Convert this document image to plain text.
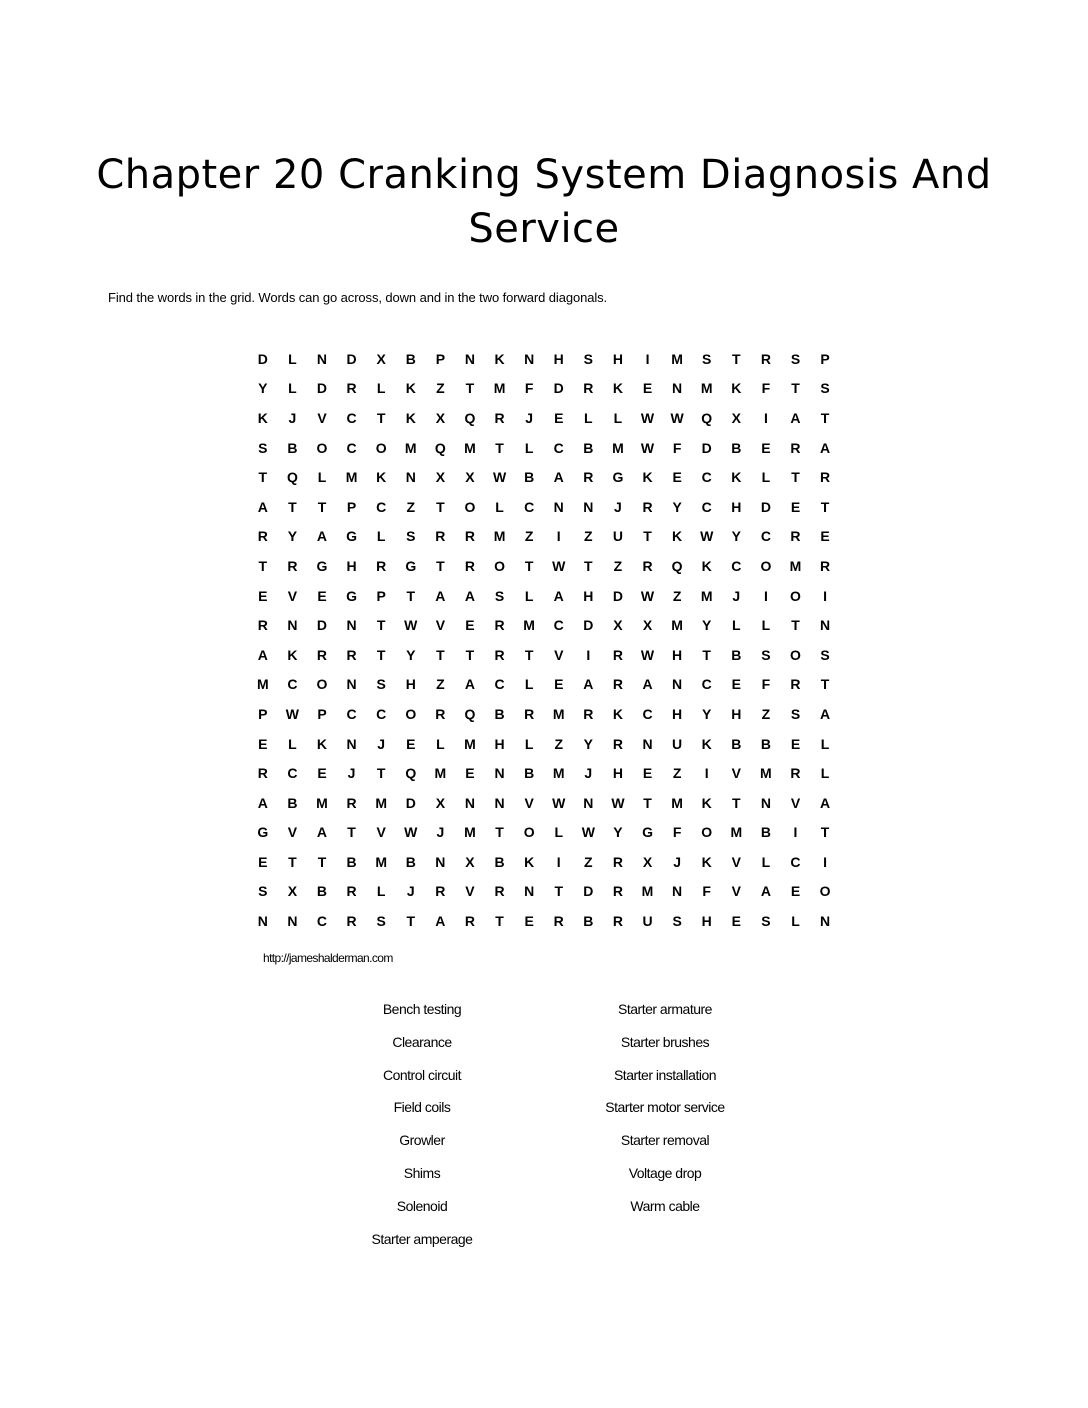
Chapter 20 Cranking System Diagnosis And Service
Find the words in the grid. Words can go across, down and in the two forward diagonals.
D	L	N	D	X	B	P	N	K	N	H	S	H	I	M	S	T	R	S	P
Y	L	D	R	L	K	Z	T	M	F	D	R	K	E	N	M	K	F	T	S
K	J	V	C	T	K	X	Q	R	J	E	L	L	W	W	Q	X	I	A	T
S	B	O	C	O	M	Q	M	T	L	C	B	M	W	F	D	B	E	R	A
T	Q	L	M	K	N	X	X	W	B	A	R	G	K	E	C	K	L	T	R
A	T	T	P	C	Z	T	O	L	C	N	N	J	R	Y	C	H	D	E	T
R	Y	A	G	L	S	R	R	M	Z	I	Z	U	T	K	W	Y	C	R	E
T	R	G	H	R	G	T	R	O	T	W	T	Z	R	Q	K	C	O	M	R
E	V	E	G	P	T	A	A	S	L	A	H	D	W	Z	M	J	I	O	I
R	N	D	N	T	W	V	E	R	M	C	D	X	X	M	Y	L	L	T	N
A	K	R	R	T	Y	T	T	R	T	V	I	R	W	H	T	B	S	O	S
M	C	O	N	S	H	Z	A	C	L	E	A	R	A	N	C	E	F	R	T
P	W	P	C	C	O	R	Q	B	R	M	R	K	C	H	Y	H	Z	S	A
E	L	K	N	J	E	L	M	H	L	Z	Y	R	N	U	K	B	B	E	L
R	C	E	J	T	Q	M	E	N	B	M	J	H	E	Z	I	V	M	R	L
A	B	M	R	M	D	X	N	N	V	W	N	W	T	M	K	T	N	V	A
G	V	A	T	V	W	J	M	T	O	L	W	Y	G	F	O	M	B	I	T
E	T	T	B	M	B	N	X	B	K	I	Z	R	X	J	K	V	L	C	I
S	X	B	R	L	J	R	V	R	N	T	D	R	M	N	F	V	A	E	O
N	N	C	R	S	T	A	R	T	E	R	B	R	U	S	H	E	S	L	N
http://jameshalderman.com
Bench testing
Clearance
Control circuit
Field coils
Growler
Shims
Solenoid
Starter amperage
Starter armature
Starter brushes
Starter installation
Starter motor service
Starter removal
Voltage drop
Warm cable
